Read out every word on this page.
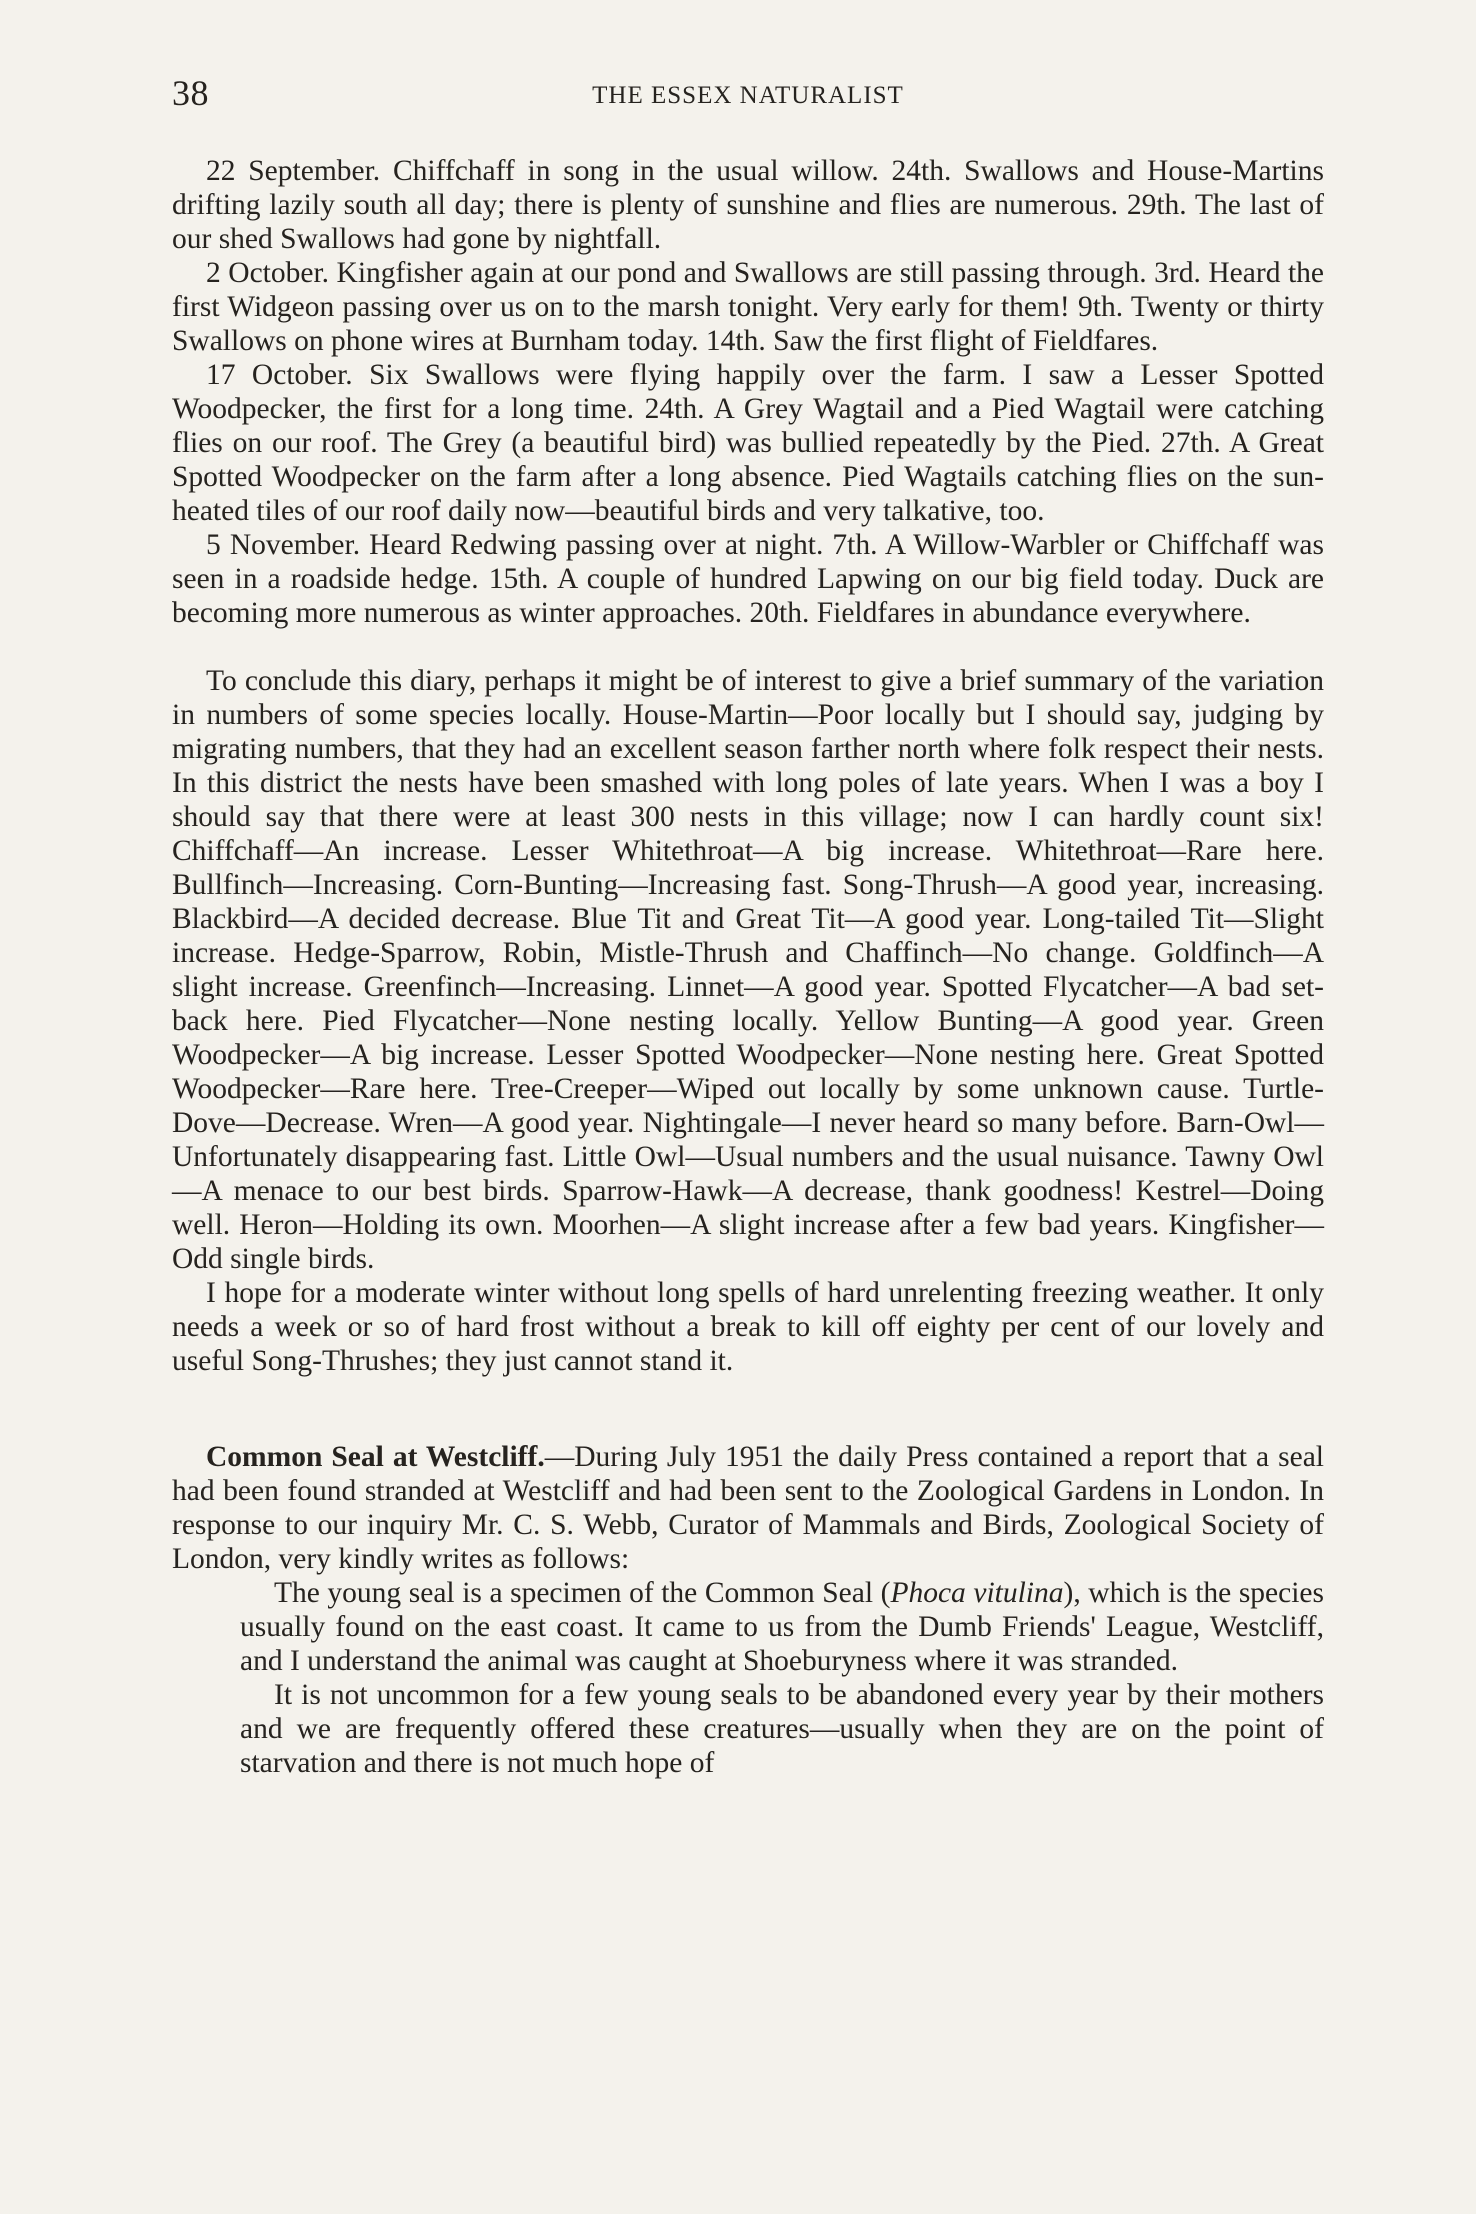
38	THE ESSEX NATURALIST

22 September. Chiffchaff in song in the usual willow. 24th. Swallows and House-Martins drifting lazily south all day; there is plenty of sunshine and flies are numerous. 29th. The last of our shed Swallows had gone by nightfall.

2 October. Kingfisher again at our pond and Swallows are still passing through. 3rd. Heard the first Widgeon passing over us on to the marsh tonight. Very early for them! 9th. Twenty or thirty Swallows on phone wires at Burnham today. 14th. Saw the first flight of Fieldfares.

17 October. Six Swallows were flying happily over the farm. I saw a Lesser Spotted Woodpecker, the first for a long time. 24th. A Grey Wagtail and a Pied Wagtail were catching flies on our roof. The Grey (a beautiful bird) was bullied repeatedly by the Pied. 27th. A Great Spotted Woodpecker on the farm after a long absence. Pied Wagtails catching flies on the sun-heated tiles of our roof daily now—beautiful birds and very talkative, too.

5 November. Heard Redwing passing over at night. 7th. A Willow-Warbler or Chiffchaff was seen in a roadside hedge. 15th. A couple of hundred Lapwing on our big field today. Duck are becoming more numerous as winter approaches. 20th. Fieldfares in abundance everywhere.

To conclude this diary, perhaps it might be of interest to give a brief summary of the variation in numbers of some species locally. House-Martin—Poor locally but I should say, judging by migrating numbers, that they had an excellent season farther north where folk respect their nests. In this district the nests have been smashed with long poles of late years. When I was a boy I should say that there were at least 300 nests in this village; now I can hardly count six! Chiffchaff—An increase. Lesser Whitethroat—A big increase. Whitethroat—Rare here. Bullfinch—Increasing. Corn-Bunting—Increasing fast. Song-Thrush—A good year, increasing. Blackbird—A decided decrease. Blue Tit and Great Tit—A good year. Long-tailed Tit—Slight increase. Hedge-Sparrow, Robin, Mistle-Thrush and Chaffinch—No change. Goldfinch—A slight increase. Greenfinch—Increasing. Linnet—A good year. Spotted Flycatcher—A bad set-back here. Pied Flycatcher—None nesting locally. Yellow Bunting—A good year. Green Woodpecker—A big increase. Lesser Spotted Woodpecker—None nesting here. Great Spotted Woodpecker—Rare here. Tree-Creeper—Wiped out locally by some unknown cause. Turtle-Dove—Decrease. Wren—A good year. Nightingale—I never heard so many before. Barn-Owl—Unfortunately disappearing fast. Little Owl—Usual numbers and the usual nuisance. Tawny Owl—A menace to our best birds. Sparrow-Hawk—A decrease, thank goodness! Kestrel—Doing well. Heron—Holding its own. Moorhen—A slight increase after a few bad years. Kingfisher—Odd single birds.

I hope for a moderate winter without long spells of hard unrelenting freezing weather. It only needs a week or so of hard frost without a break to kill off eighty per cent of our lovely and useful Song-Thrushes; they just cannot stand it.

Common Seal at Westcliff.—During July 1951 the daily Press contained a report that a seal had been found stranded at Westcliff and had been sent to the Zoological Gardens in London. In response to our inquiry Mr. C. S. Webb, Curator of Mammals and Birds, Zoological Society of London, very kindly writes as follows:

The young seal is a specimen of the Common Seal (Phoca vitulina), which is the species usually found on the east coast. It came to us from the Dumb Friends' League, Westcliff, and I understand the animal was caught at Shoeburyness where it was stranded.

It is not uncommon for a few young seals to be abandoned every year by their mothers and we are frequently offered these creatures—usually when they are on the point of starvation and there is not much hope of
